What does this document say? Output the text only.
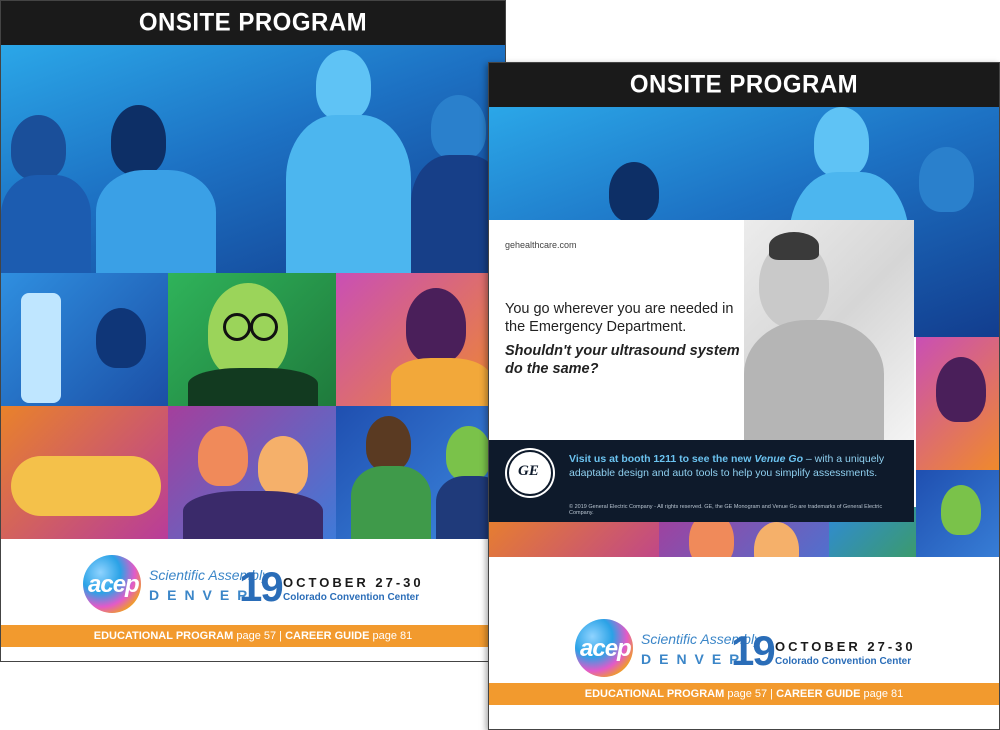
ONSITE PROGRAM
acep Scientific Assembly
DENVER
19 OCTOBER 27-30
Colorado Convention Center
EDUCATIONAL PROGRAM page 57 | CAREER GUIDE page 81
ONSITE PROGRAM
gehealthcare.com
You go wherever you are needed in the Emergency Department.
Shouldn't your ultrasound system do the same?
GE
Visit us at booth 1211 to see the new Venue Go – with a uniquely adaptable design and auto tools to help you simplify assessments.
© 2019 General Electric Company - All rights reserved. GE, the GE Monogram and Venue Go are trademarks of General Electric Company.
acep Scientific Assembly
DENVER
19 OCTOBER 27-30
Colorado Convention Center
EDUCATIONAL PROGRAM page 57 | CAREER GUIDE page 81
